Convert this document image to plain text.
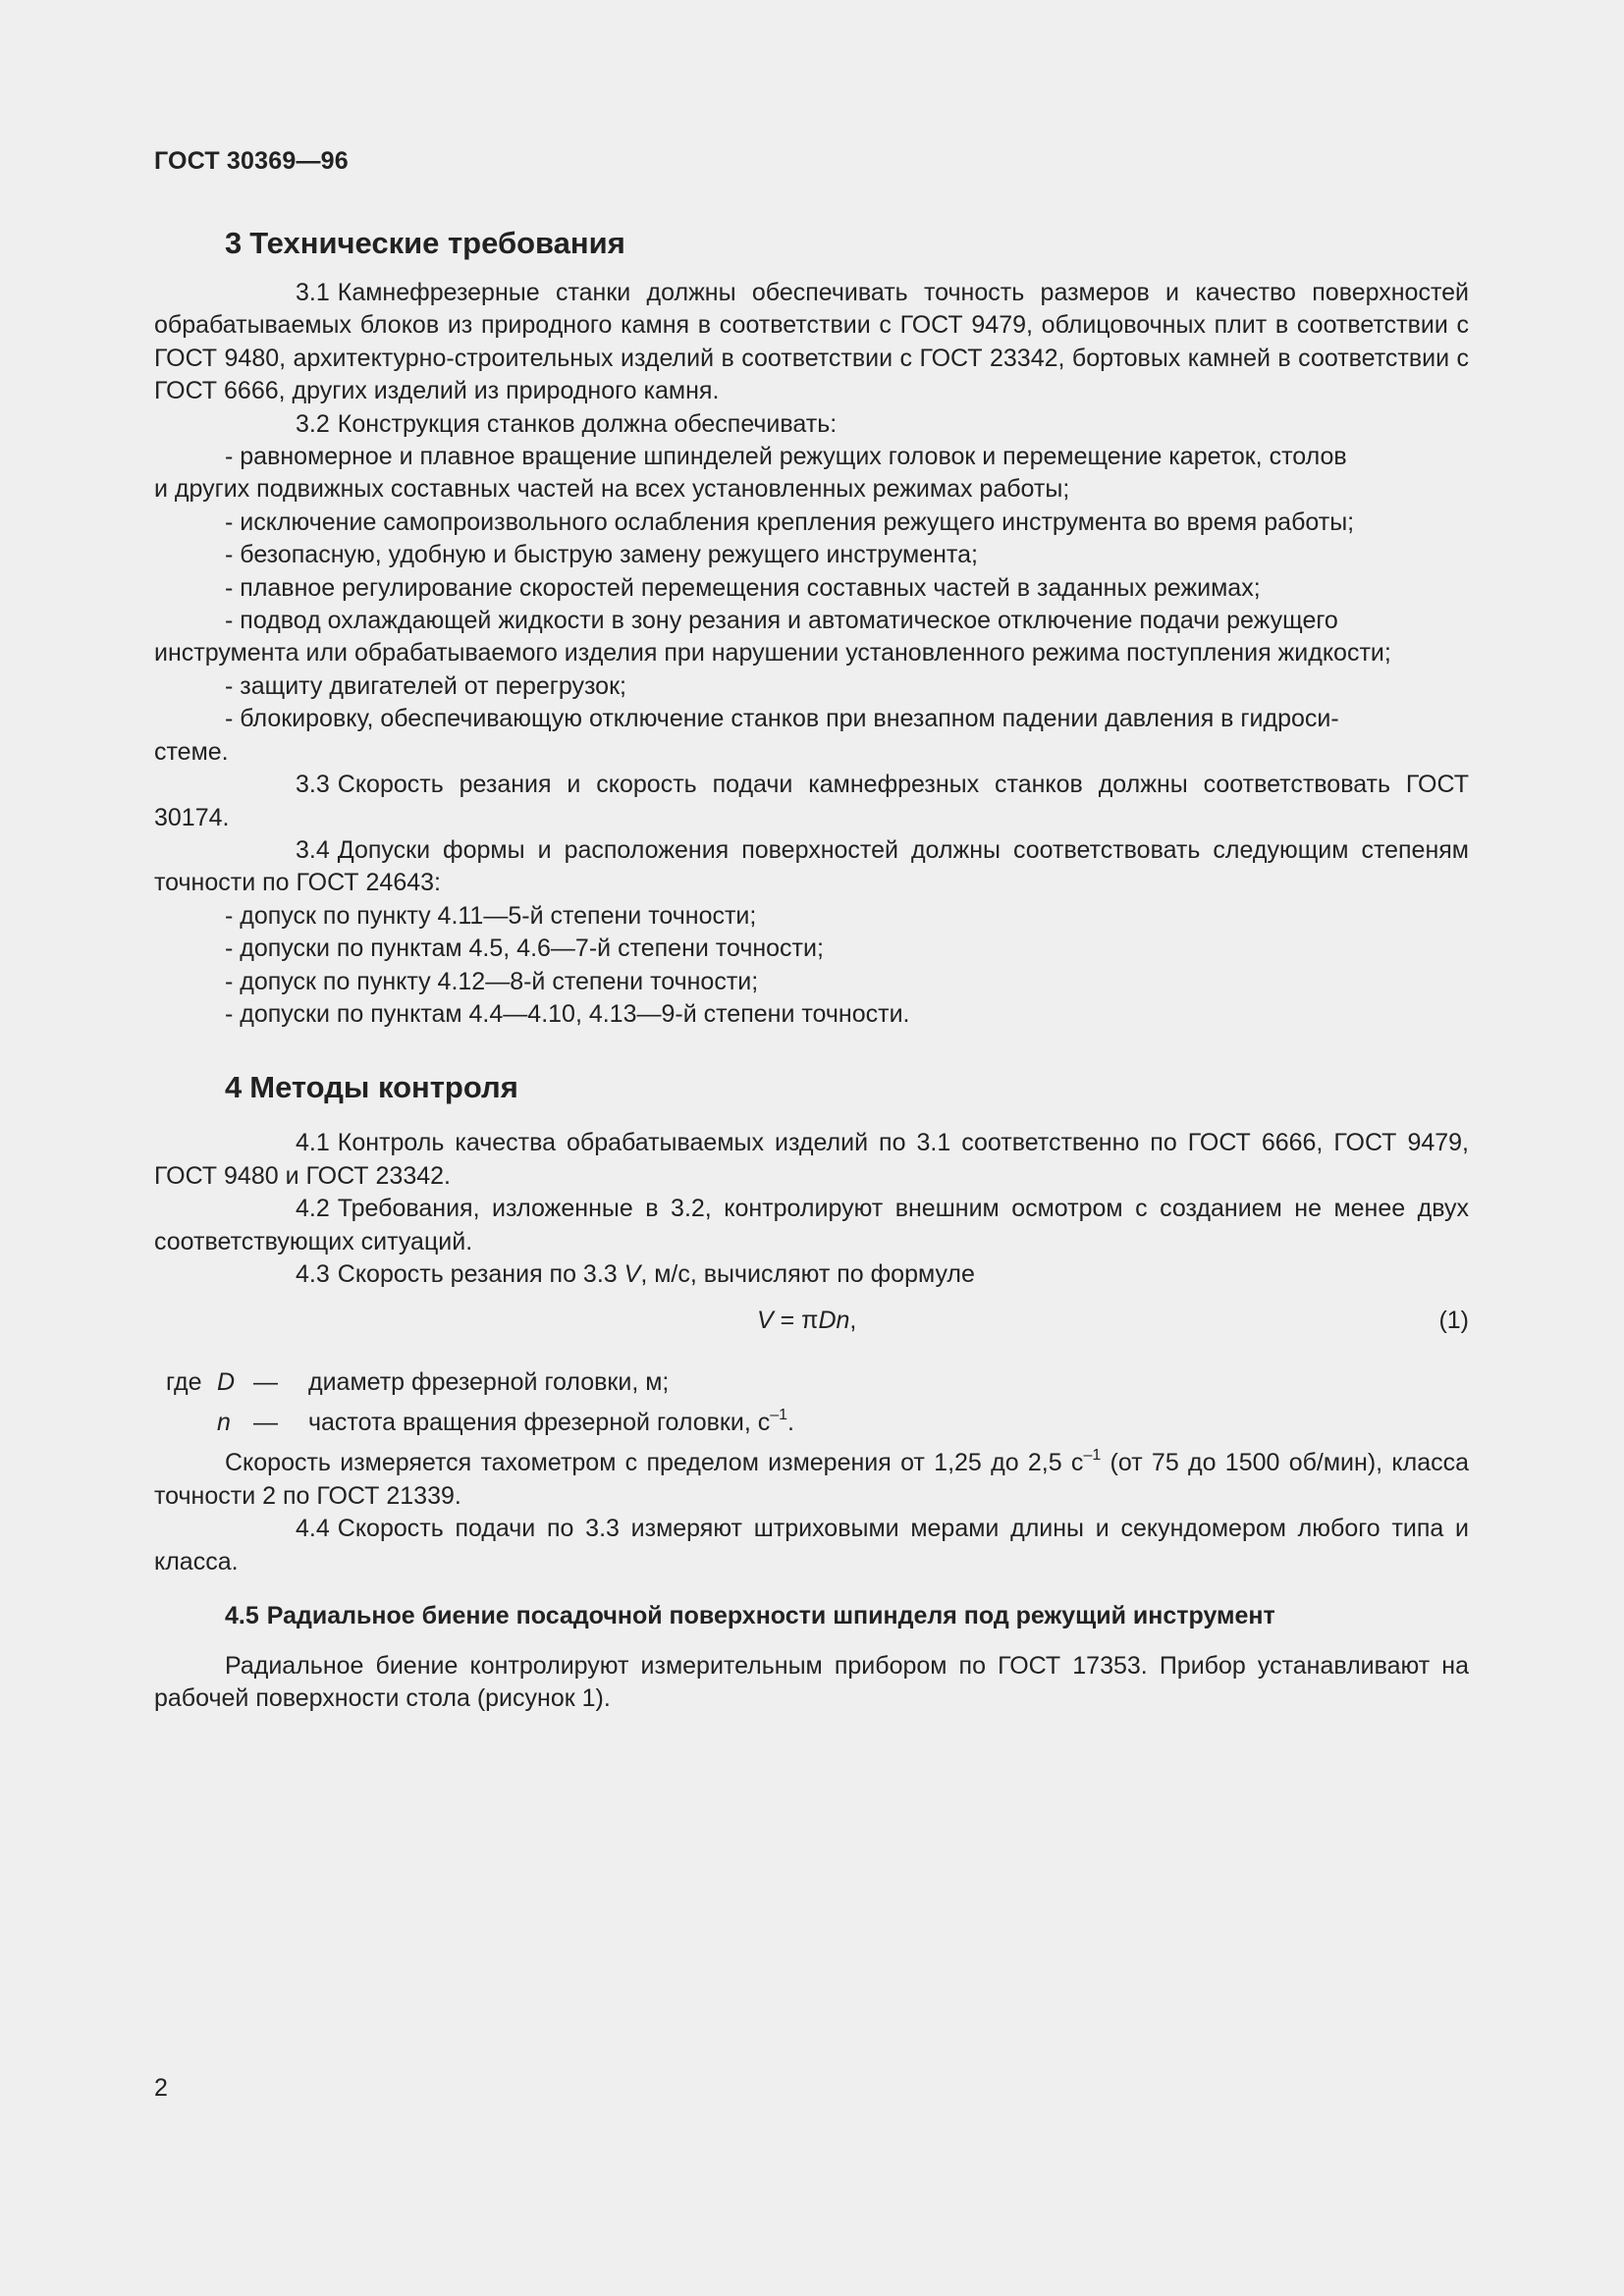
ГОСТ 30369—96
3 Технические требования

3.1 Камнефрезерные станки должны обеспечивать точность размеров и качество поверхностей обрабатываемых блоков из природного камня в соответствии с ГОСТ 9479, облицовочных плит в соответствии с ГОСТ 9480, архитектурно-строительных изделий в соответствии с ГОСТ 23342, бортовых камней в соответствии с ГОСТ 6666, других изделий из природного камня.

3.2 Конструкция станков должна обеспечивать:

- равномерное и плавное вращение шпинделей режущих головок и перемещение кареток, столов

и других подвижных составных частей на всех установленных режимах работы;

- исключение самопроизвольного ослабления крепления режущего инструмента во время работы;

- безопасную, удобную и быструю замену режущего инструмента;

- плавное регулирование скоростей перемещения составных частей в заданных режимах;

- подвод охлаждающей жидкости в зону резания и автоматическое отключение подачи режущего

инструмента или обрабатываемого изделия при нарушении установленного режима поступления жидкости;

- защиту двигателей от перегрузок;

- блокировку, обеспечивающую отключение станков при внезапном падении давления в гидроси-

стеме.

3.3 Скорость резания и скорость подачи камнефрезных станков должны соответствовать ГОСТ 30174.

3.4 Допуски формы и расположения поверхностей должны соответствовать следующим степеням точности по ГОСТ 24643:

- допуск по пункту 4.11—5-й степени точности;

- допуски по пунктам 4.5, 4.6—7-й степени точности;

- допуск по пункту 4.12—8-й степени точности;

- допуски по пунктам 4.4—4.10, 4.13—9-й степени точности.

4 Методы контроля

4.1 Контроль качества обрабатываемых изделий по 3.1 соответственно по ГОСТ 6666, ГОСТ 9479, ГОСТ 9480 и ГОСТ 23342.

4.2 Требования, изложенные в 3.2, контролируют внешним осмотром с созданием не менее двух соответствующих ситуаций.

4.3 Скорость резания по 3.3 V, м/с, вычисляют по формуле

V = πDn,	(1)
где D — диаметр фрезерной головки, м;
n — частота вращения фрезерной головки, $с^{-1}$.

Скорость измеряется тахометром с пределом измерения от 1,25 до 2,5 $с^{-1}$ (от 75 до 1500 об/мин), класса точности 2 по ГОСТ 21339.

4.4 Скорость подачи по 3.3 измеряют штриховыми мерами длины и секундомером любого типа и класса.

4.5 Радиальное биение посадочной поверхности шпинделя под режущий инструмент

Радиальное биение контролируют измерительным прибором по ГОСТ 17353. Прибор устанавливают на рабочей поверхности стола (рисунок 1).

2
